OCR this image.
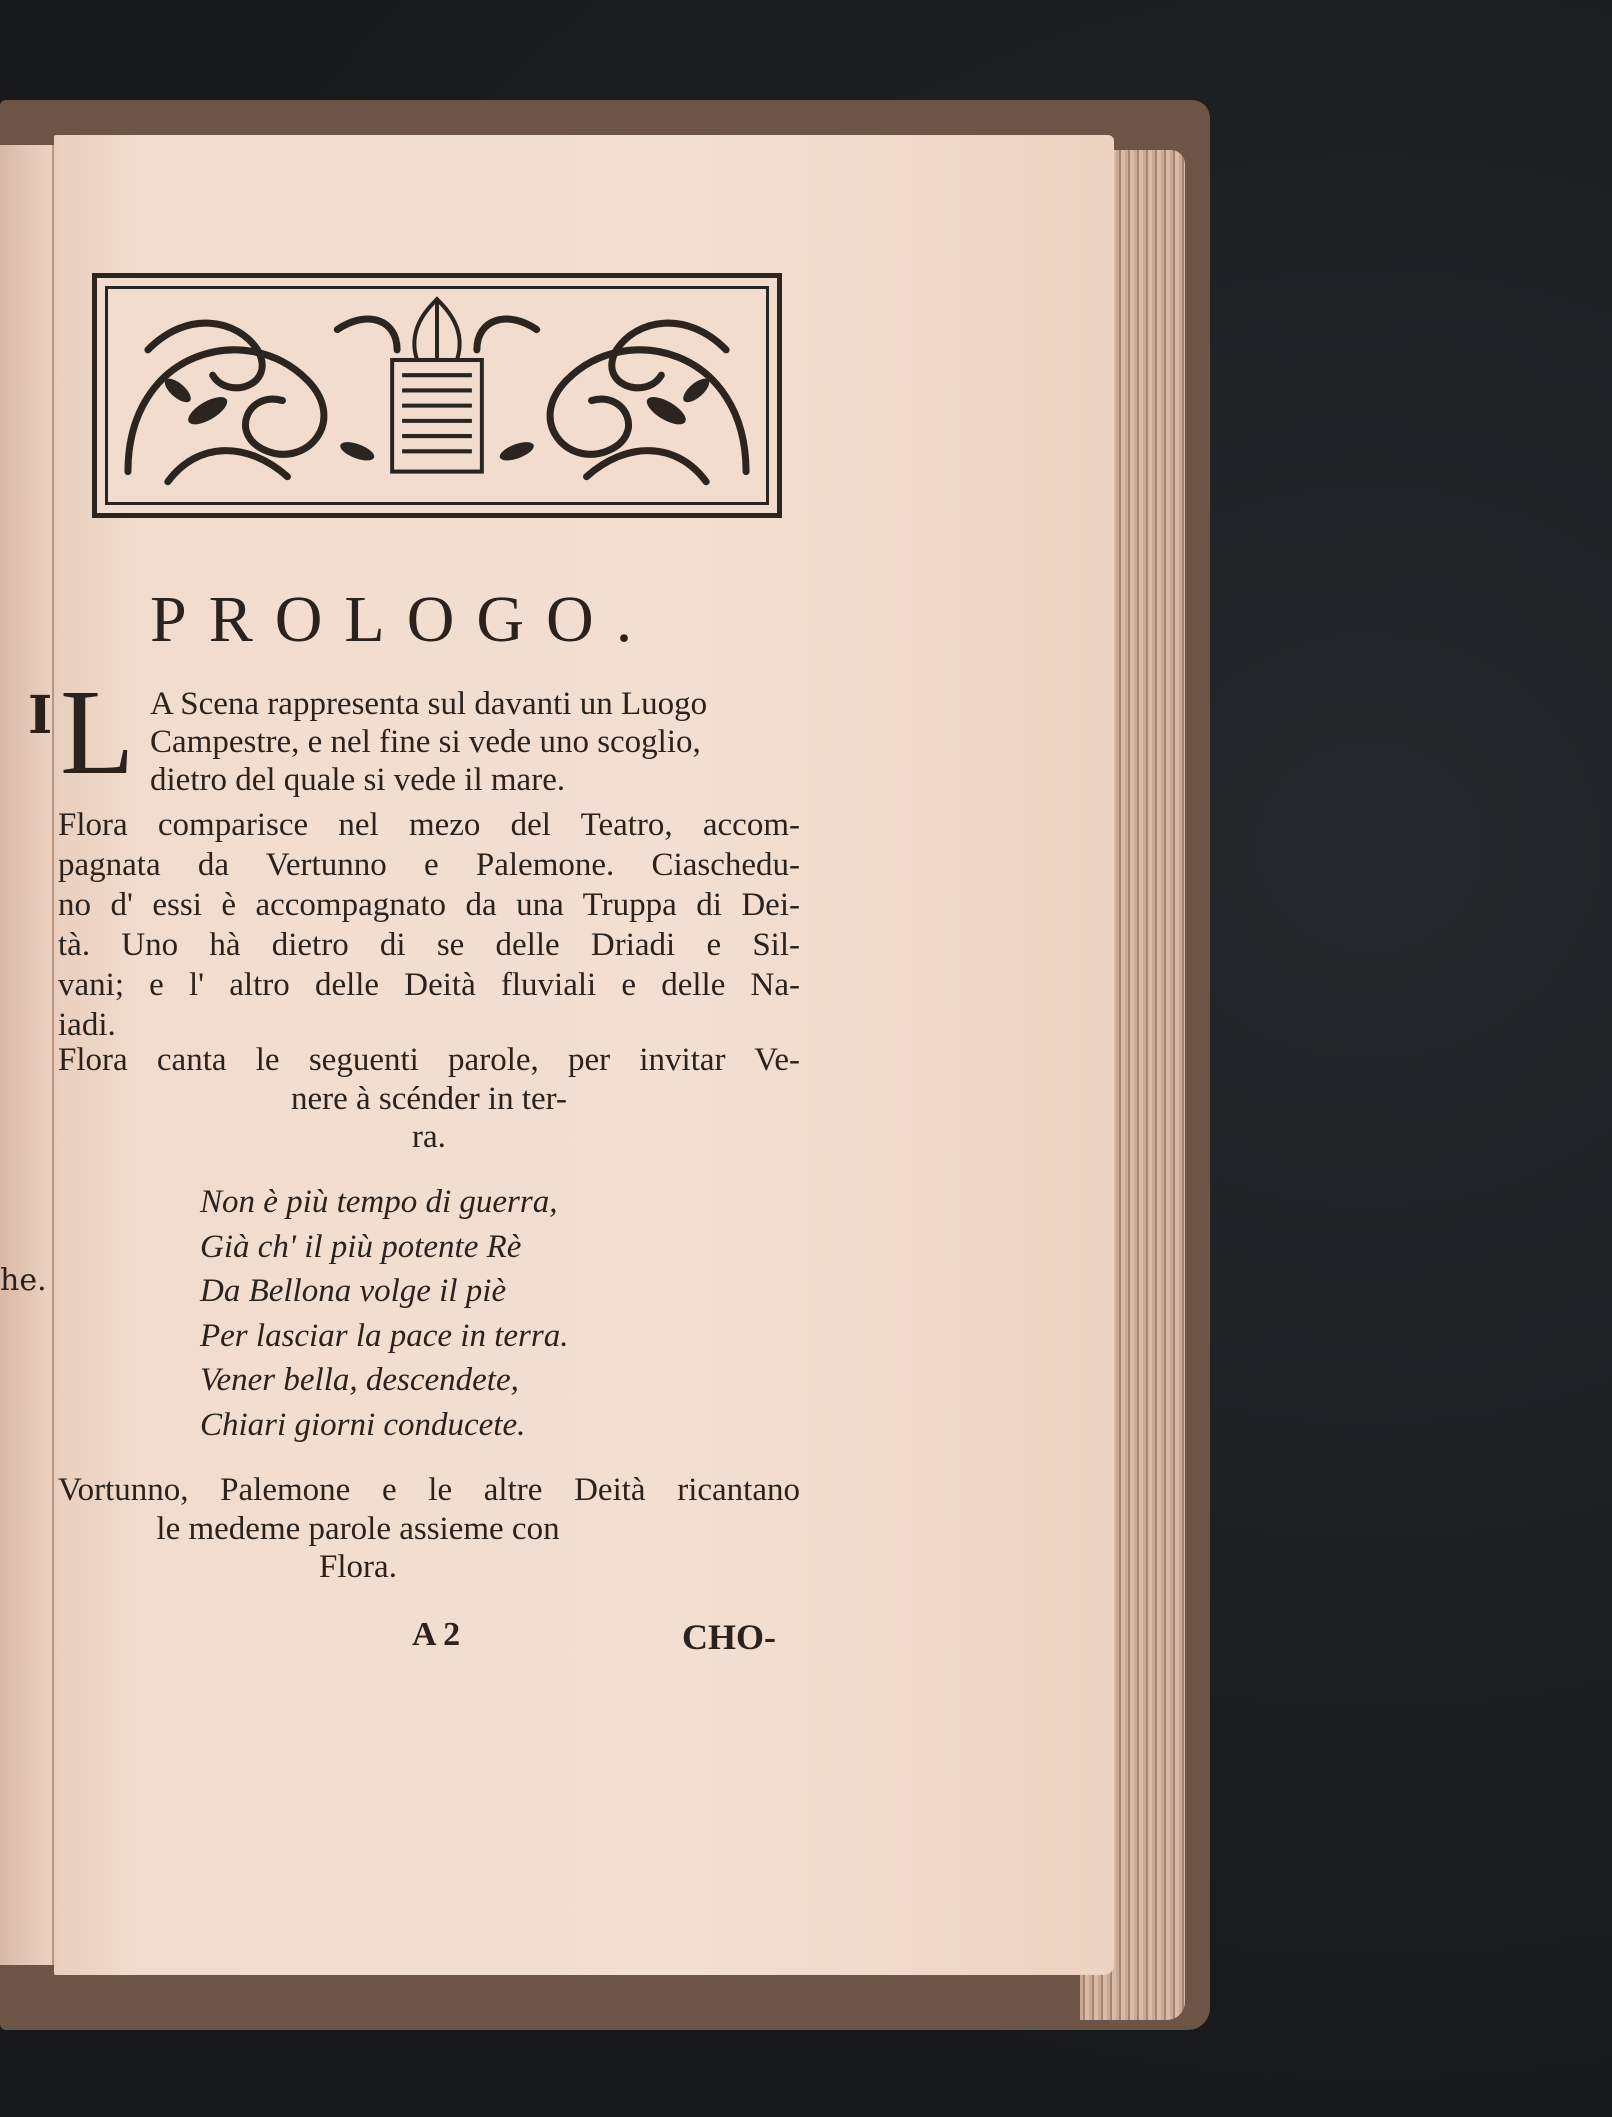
I
he.
PROLOGO.
L A Scena rappresenta sul davanti un Luogo
Campestre, e nel fine si vede uno scoglio,
dietro del quale si vede il mare.
Flora comparisce nel mezo del Teatro, accom-
pagnata da Vertunno e Palemone. Ciaschedu-
no d' essi è accompagnato da una Truppa di Dei-
tà. Uno hà dietro di se delle Driadi e Sil-
vani; e l' altro delle Deità fluviali e delle Na-
iadi.
Flora canta le seguenti parole, per invitar Ve-
nere à scénder in ter-
ra.
Non è più tempo di guerra,
Già ch' il più potente Rè
Da Bellona volge il piè
Per lasciar la pace in terra.
Vener bella, descendete,
Chiari giorni conducete.
Vortunno, Palemone e le altre Deità ricantano
le medeme parole assieme con
Flora.
A 2	CHO-
